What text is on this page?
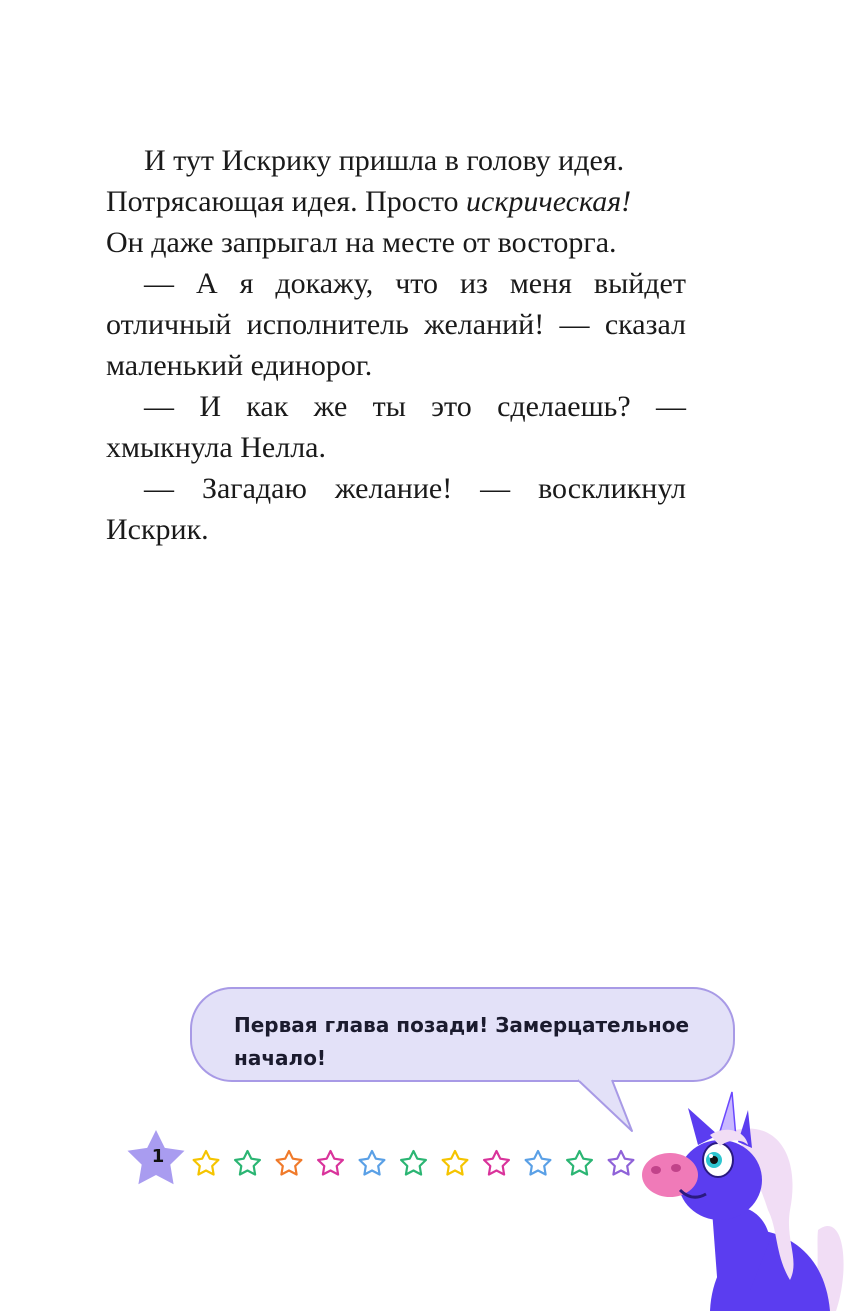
И тут Искрику пришла в голову идея.
Потрясающая идея. Просто искрическая!
Он даже запрыгал на месте от восторга.

— А я докажу, что из меня выйдет отличный исполнитель желаний! — сказал маленький единорог.

— И как же ты это сделаешь? — хмыкнула Нелла.

— Загадаю желание! — воскликнул Искрик.

Первая глава позади! Замерцательное начало!
1
